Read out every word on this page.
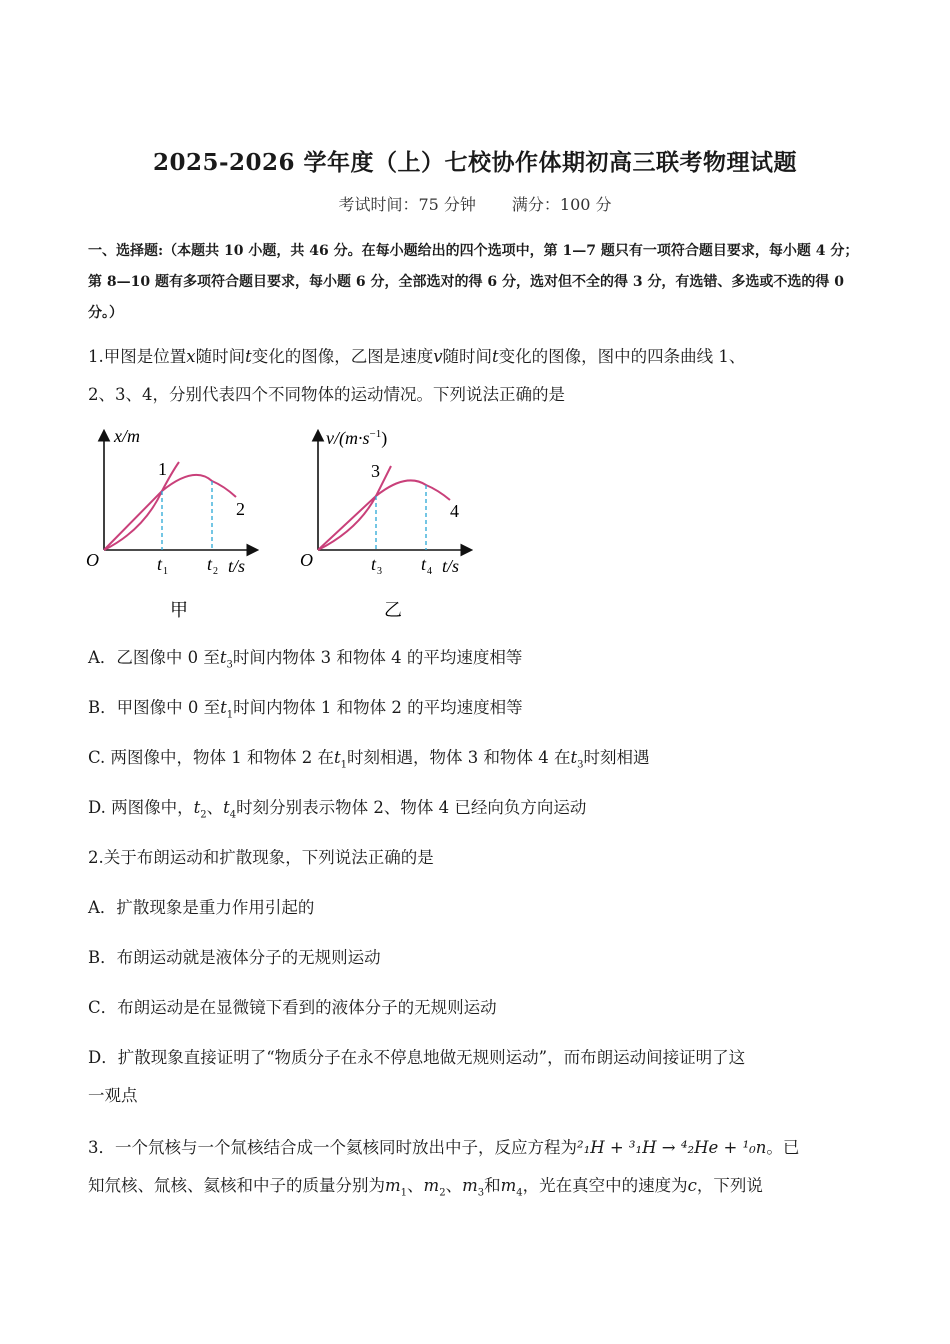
2025-2026 学年度（上）七校协作体期初高三联考物理试题
考试时间：75 分钟 满分：100 分
一、选择题:（本题共 10 小题，共 46 分。在每小题给出的四个选项中，第 1—7 题只有一项符合题目要求，每小题 4 分；第 8—10 题有多项符合题目要求，每小题 6 分，全部选对的得 6 分，选对但不全的得 3 分，有选错、多选或不选的得 0 分。）
1.甲图是位置x随时间t变化的图像，乙图是速度v随时间t变化的图像，图中的四条曲线 1、
2、3、4，分别代表四个不同物体的运动情况。下列说法正确的是
x/m
O	t/s
t 1 t 2
1
2
甲
$v/(m\cdot s^{-1})$
O	t/s
t 3 t 4
3
4
乙
A．乙图像中 0 至$t_3$时间内物体 3 和物体 4 的平均速度相等
B．甲图像中 0 至$t_1$时间内物体 1 和物体 2 的平均速度相等
C. 两图像中，物体 1 和物体 2 在$t_1$时刻相遇，物体 3 和物体 4 在$t_3$时刻相遇
D. 两图像中，$t_2$、$t_4$时刻分别表示物体 2、物体 4 已经向负方向运动
2.关于布朗运动和扩散现象，下列说法正确的是
A．扩散现象是重力作用引起的
B．布朗运动就是液体分子的无规则运动
C．布朗运动是在显微镜下看到的液体分子的无规则运动
D．扩散现象直接证明了“物质分子在永不停息地做无规则运动”，而布朗运动间接证明了这
一观点
3．一个氘核与一个氚核结合成一个氦核同时放出中子，反应方程为²₁H + ³₁H → ⁴₂He + ¹₀n。已
知氘核、氚核、氦核和中子的质量分别为$m_1$、$m_2$、$m_3$和$m_4$，光在真空中的速度为c，下列说
